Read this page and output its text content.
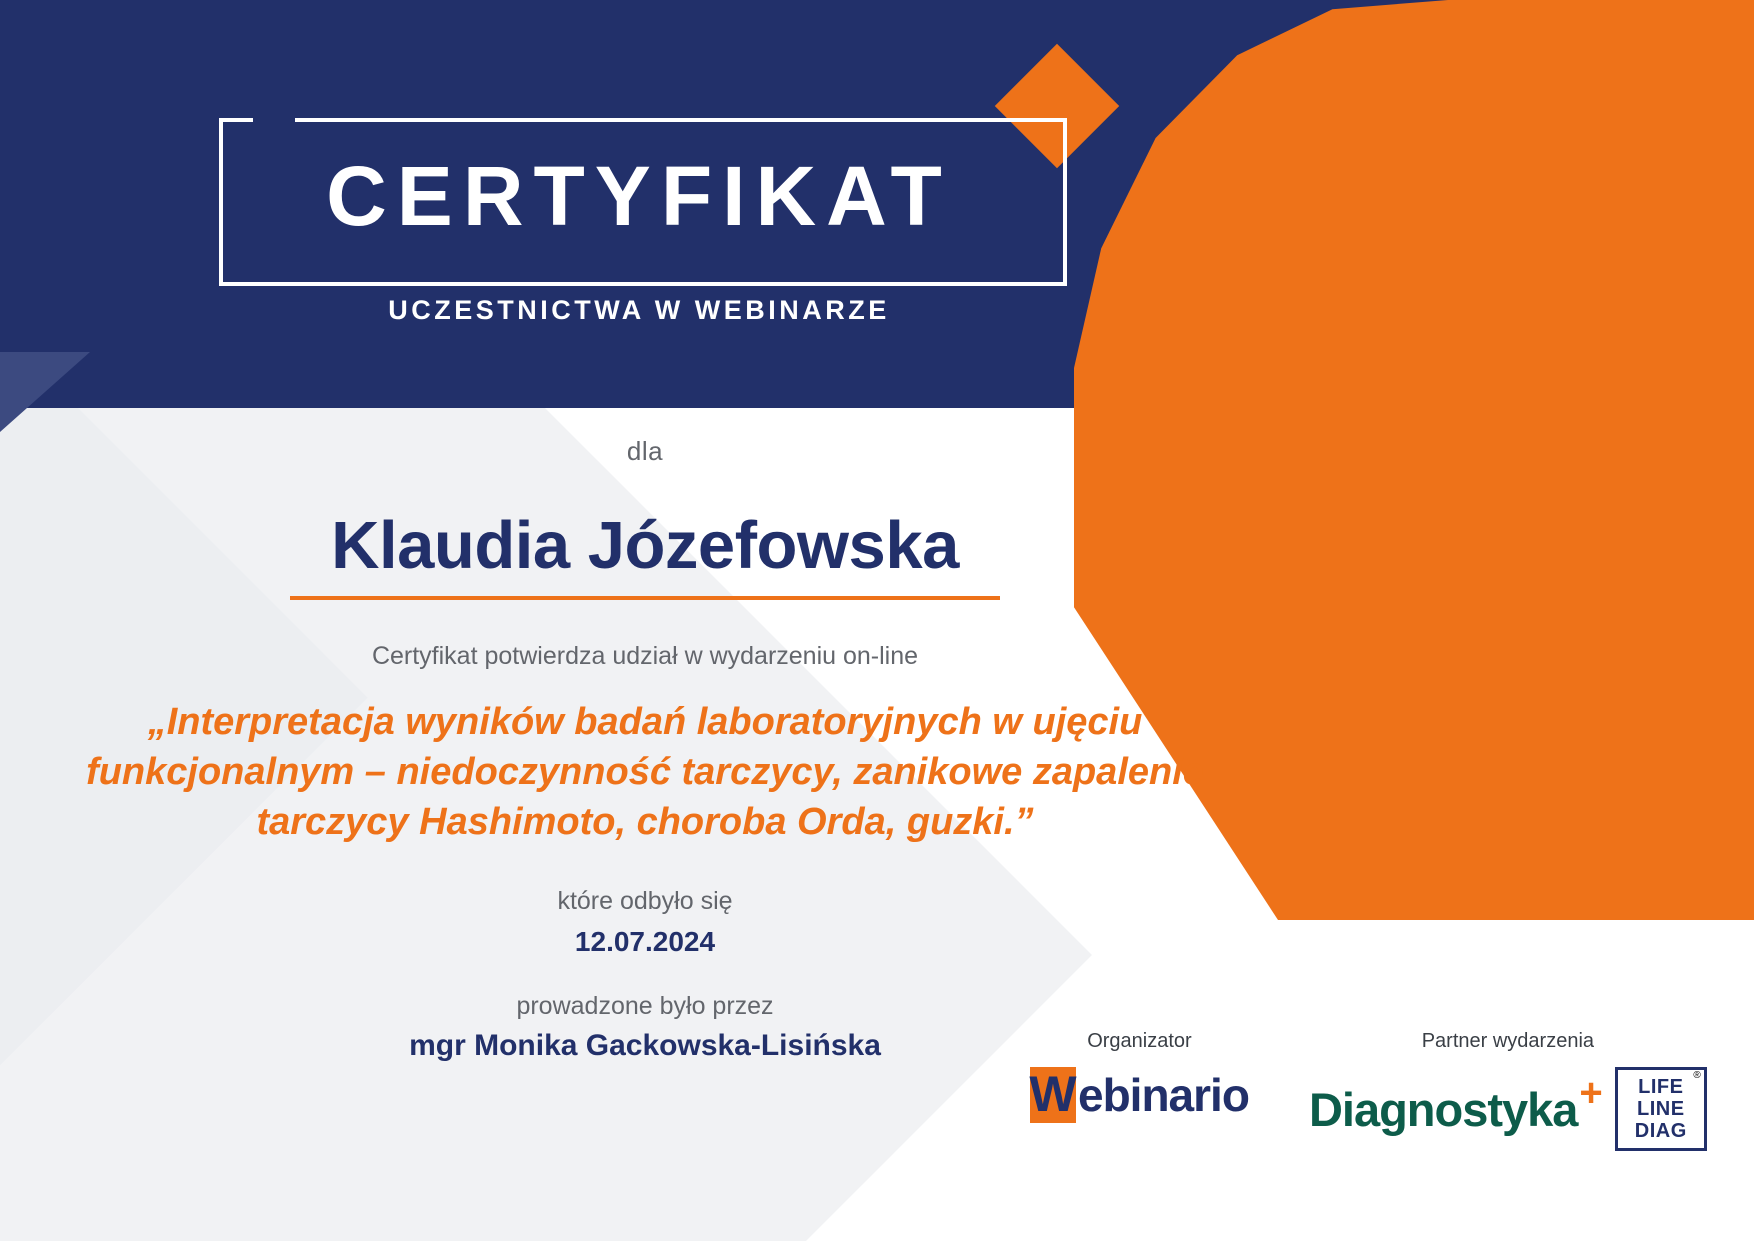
CERTYFIKAT
UCZESTNICTWA W WEBINARZE
dla
Klaudia Józefowska
Certyfikat potwierdza udział w wydarzeniu on-line
„Interpretacja wyników badań laboratoryjnych w ujęciu funkcjonalnym – niedoczynność tarczycy, zanikowe zapalenie tarczycy Hashimoto, choroba Orda, guzki.”
które odbyło się
12.07.2024
prowadzone było przez
mgr Monika Gackowska-Lisińska	Organizator
W ebinario
Partner wydarzenia
Diagnostyka +	®
LIFE
LINE
DIAG
